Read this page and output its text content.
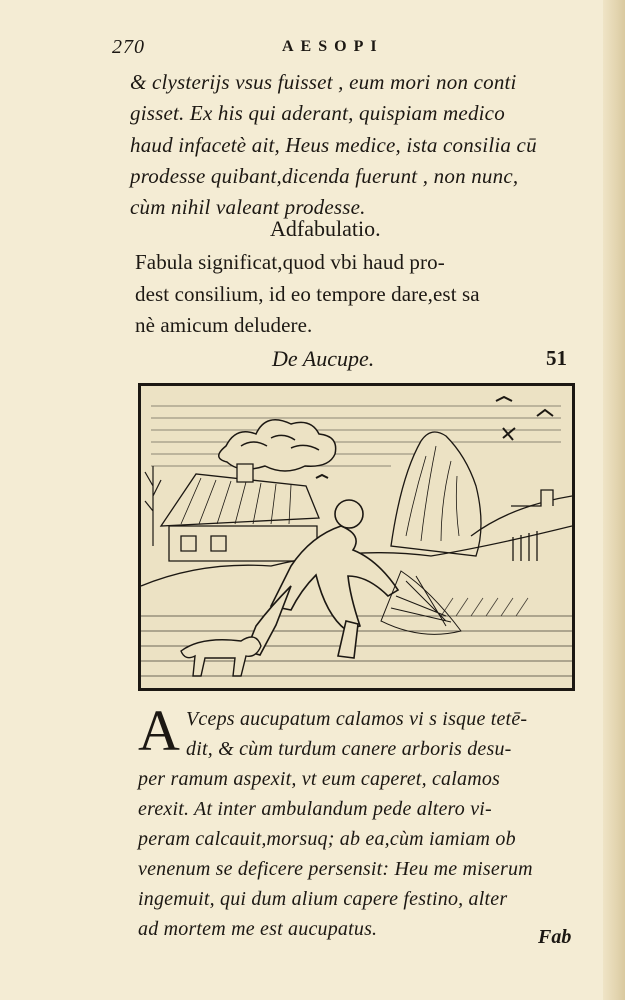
270	AESOPI
& clysterijs vsus fuisset , eum mori non conti
gisset. Ex his qui aderant, quispiam medico
haud infacetè ait, Heus medice, ista consilia cū
prodesse quibant,dicenda fuerunt , non nunc,
cùm nihil valeant prodesse.
Adfabulatio.
Fabula significat,quod vbi haud pro-
dest consilium, id eo tempore dare,est sa
nè amicum deludere.
De Aucupe.	51
A Vceps aucupatum calamos vi s isque tetē-
dit, & cùm turdum canere arboris desu-
per ramum aspexit, vt eum caperet, calamos
erexit. At inter ambulandum pede altero vi-
peram calcauit,morsuq; ab ea,cùm iamiam ob
venenum se deficere persensit: Heu me miserum
ingemuit, qui dum alium capere festino, alter
ad mortem me est aucupatus.	Fab
